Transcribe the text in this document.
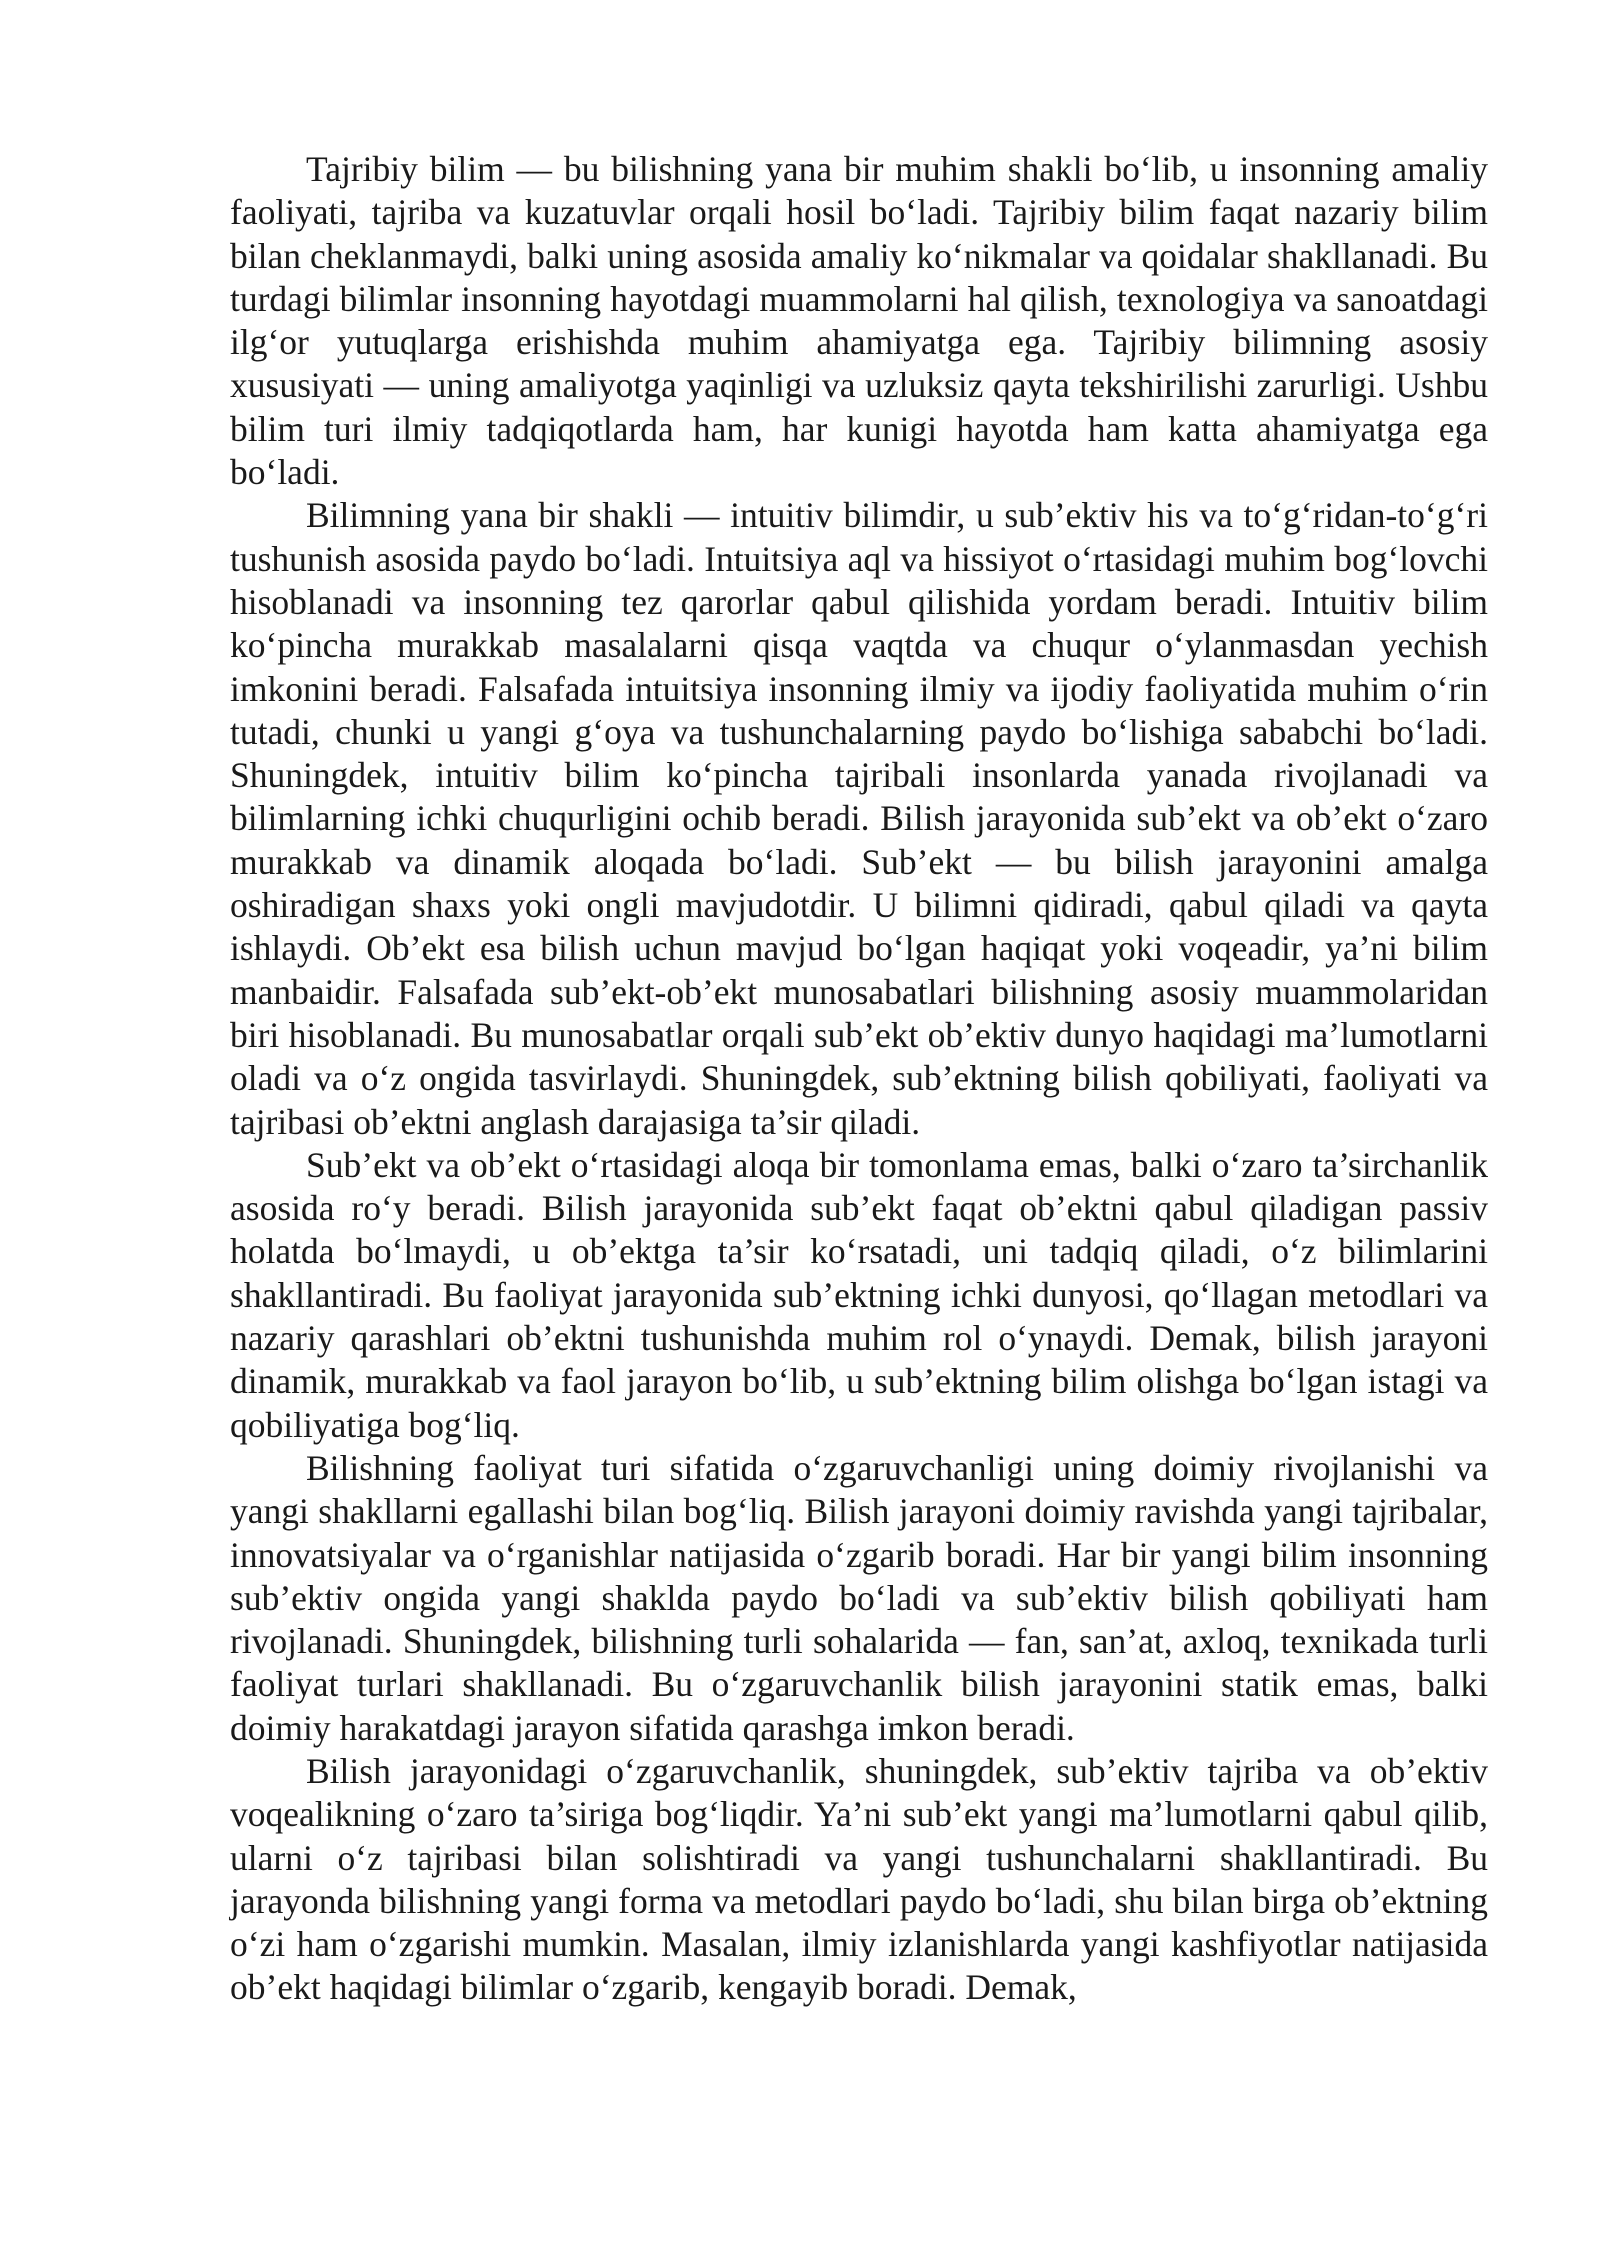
Tajribiy bilim — bu bilishning yana bir muhim shakli bo‘lib, u insonning amaliy faoliyati, tajriba va kuzatuvlar orqali hosil bo‘ladi. Tajribiy bilim faqat nazariy bilim bilan cheklanmaydi, balki uning asosida amaliy ko‘nikmalar va qoidalar shakllanadi. Bu turdagi bilimlar insonning hayotdagi muammolarni hal qilish, texnologiya va sanoatdagi ilg‘or yutuqlarga erishishda muhim ahamiyatga ega. Tajribiy bilimning asosiy xususiyati — uning amaliyotga yaqinligi va uzluksiz qayta tekshirilishi zarurligi. Ushbu bilim turi ilmiy tadqiqotlarda ham, har kunigi hayotda ham katta ahamiyatga ega bo‘ladi.

Bilimning yana bir shakli — intuitiv bilimdir, u sub’ektiv his va to‘g‘ridan-to‘g‘ri tushunish asosida paydo bo‘ladi. Intuitsiya aql va hissiyot o‘rtasidagi muhim bog‘lovchi hisoblanadi va insonning tez qarorlar qabul qilishida yordam beradi. Intuitiv bilim ko‘pincha murakkab masalalarni qisqa vaqtda va chuqur o‘ylanmasdan yechish imkonini beradi. Falsafada intuitsiya insonning ilmiy va ijodiy faoliyatida muhim o‘rin tutadi, chunki u yangi g‘oya va tushunchalarning paydo bo‘lishiga sababchi bo‘ladi. Shuningdek, intuitiv bilim ko‘pincha tajribali insonlarda yanada rivojlanadi va bilimlarning ichki chuqurligini ochib beradi. Bilish jarayonida sub’ekt va ob’ekt o‘zaro murakkab va dinamik aloqada bo‘ladi. Sub’ekt — bu bilish jarayonini amalga oshiradigan shaxs yoki ongli mavjudotdir. U bilimni qidiradi, qabul qiladi va qayta ishlaydi. Ob’ekt esa bilish uchun mavjud bo‘lgan haqiqat yoki voqeadir, ya’ni bilim manbaidir. Falsafada sub’ekt-ob’ekt munosabatlari bilishning asosiy muammolaridan biri hisoblanadi. Bu munosabatlar orqali sub’ekt ob’ektiv dunyo haqidagi ma’lumotlarni oladi va o‘z ongida tasvirlaydi. Shuningdek, sub’ektning bilish qobiliyati, faoliyati va tajribasi ob’ektni anglash darajasiga ta’sir qiladi.

Sub’ekt va ob’ekt o‘rtasidagi aloqa bir tomonlama emas, balki o‘zaro ta’sirchanlik asosida ro‘y beradi. Bilish jarayonida sub’ekt faqat ob’ektni qabul qiladigan passiv holatda bo‘lmaydi, u ob’ektga ta’sir ko‘rsatadi, uni tadqiq qiladi, o‘z bilimlarini shakllantiradi. Bu faoliyat jarayonida sub’ektning ichki dunyosi, qo‘llagan metodlari va nazariy qarashlari ob’ektni tushunishda muhim rol o‘ynaydi. Demak, bilish jarayoni dinamik, murakkab va faol jarayon bo‘lib, u sub’ektning bilim olishga bo‘lgan istagi va qobiliyatiga bog‘liq.

Bilishning faoliyat turi sifatida o‘zgaruvchanligi uning doimiy rivojlanishi va yangi shakllarni egallashi bilan bog‘liq. Bilish jarayoni doimiy ravishda yangi tajribalar, innovatsiyalar va o‘rganishlar natijasida o‘zgarib boradi. Har bir yangi bilim insonning sub’ektiv ongida yangi shaklda paydo bo‘ladi va sub’ektiv bilish qobiliyati ham rivojlanadi. Shuningdek, bilishning turli sohalarida — fan, san’at, axloq, texnikada turli faoliyat turlari shakllanadi. Bu o‘zgaruvchanlik bilish jarayonini statik emas, balki doimiy harakatdagi jarayon sifatida qarashga imkon beradi.

Bilish jarayonidagi o‘zgaruvchanlik, shuningdek, sub’ektiv tajriba va ob’ektiv voqealikning o‘zaro ta’siriga bog‘liqdir. Ya’ni sub’ekt yangi ma’lumotlarni qabul qilib, ularni o‘z tajribasi bilan solishtiradi va yangi tushunchalarni shakllantiradi. Bu jarayonda bilishning yangi forma va metodlari paydo bo‘ladi, shu bilan birga ob’ektning o‘zi ham o‘zgarishi mumkin. Masalan, ilmiy izlanishlarda yangi kashfiyotlar natijasida ob’ekt haqidagi bilimlar o‘zgarib, kengayib boradi. Demak,
